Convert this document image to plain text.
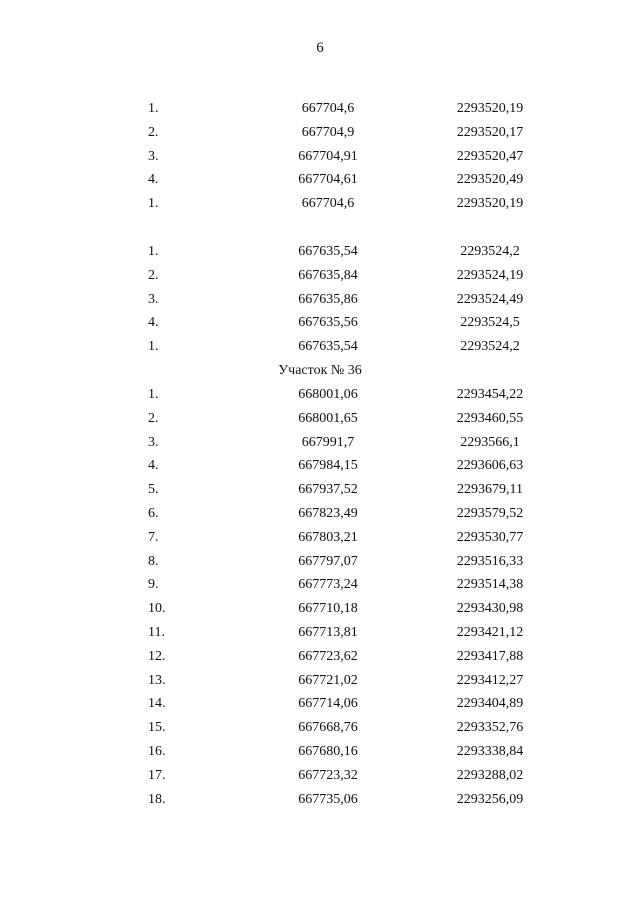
6
1.	667704,6	2293520,19
2.	667704,9	2293520,17
3.	667704,91	2293520,47
4.	667704,61	2293520,49
1.	667704,6	2293520,19
1.	667635,54	2293524,2
2.	667635,84	2293524,19
3.	667635,86	2293524,49
4.	667635,56	2293524,5
1.	667635,54	2293524,2
Участок № 36
1.	668001,06	2293454,22
2.	668001,65	2293460,55
3.	667991,7	2293566,1
4.	667984,15	2293606,63
5.	667937,52	2293679,11
6.	667823,49	2293579,52
7.	667803,21	2293530,77
8.	667797,07	2293516,33
9.	667773,24	2293514,38
10.	667710,18	2293430,98
11.	667713,81	2293421,12
12.	667723,62	2293417,88
13.	667721,02	2293412,27
14.	667714,06	2293404,89
15.	667668,76	2293352,76
16.	667680,16	2293338,84
17.	667723,32	2293288,02
18.	667735,06	2293256,09
